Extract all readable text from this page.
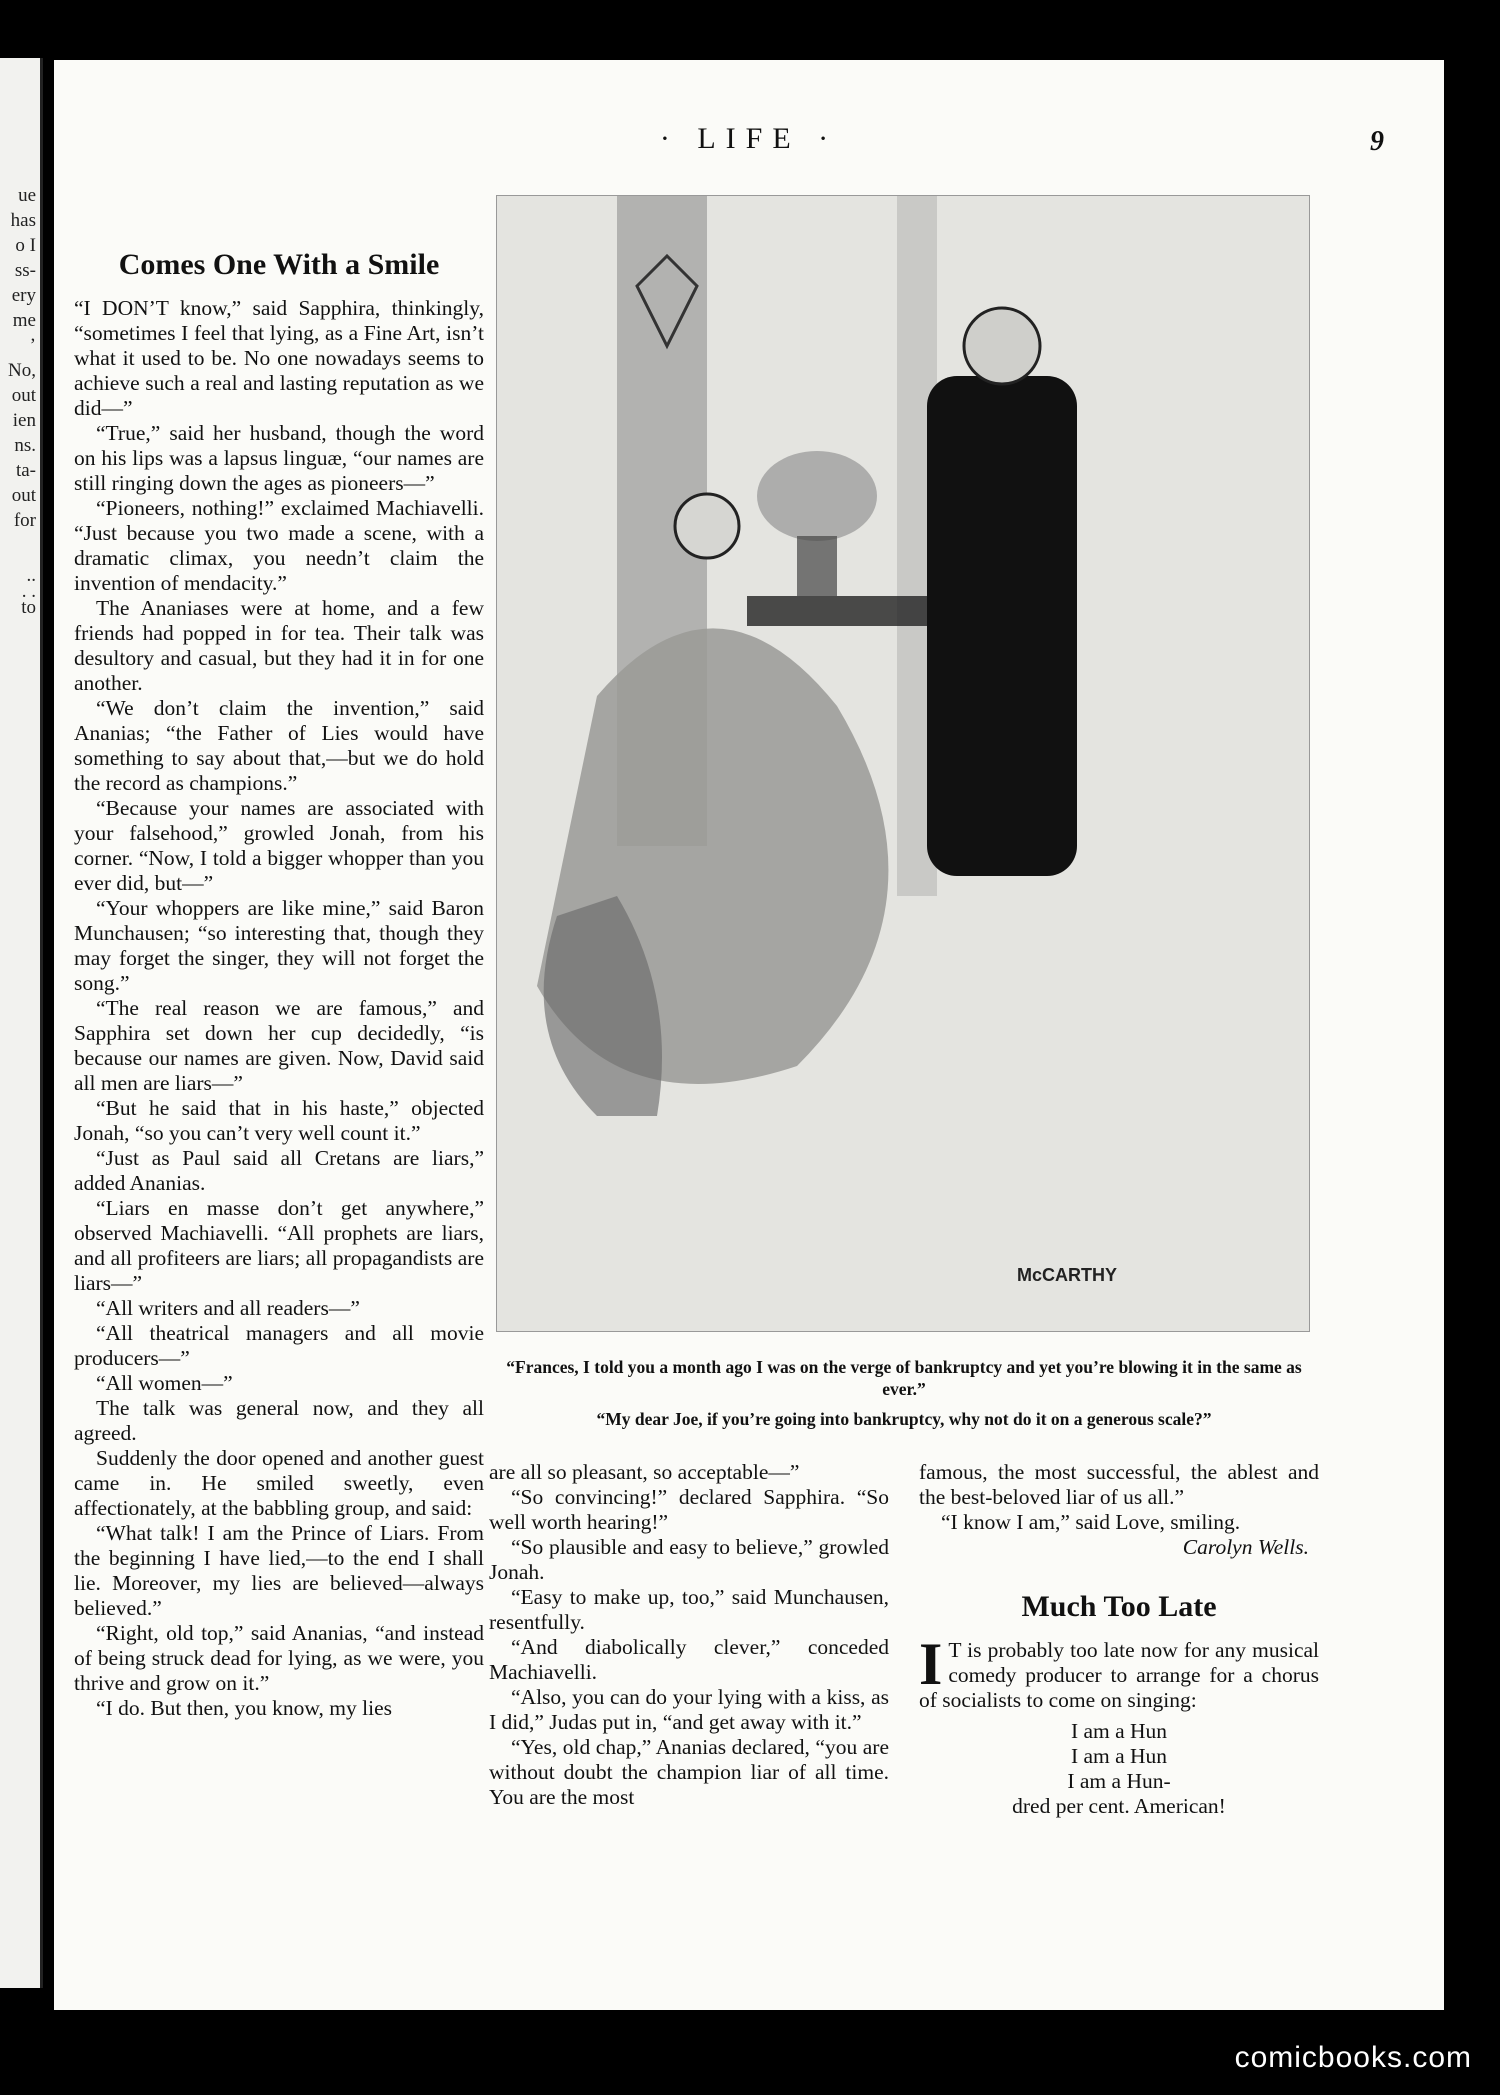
ue
has
o I
ss-
ery
me
’
No,
out
ien
ns.
ta-
out
for
..
. .
to
· LIFE ·	9
Comes One With a Smile

“I DON’T know,” said Sapphira, thinkingly, “sometimes I feel that lying, as a Fine Art, isn’t what it used to be. No one nowadays seems to achieve such a real and lasting reputation as we did—”

“True,” said her husband, though the word on his lips was a lapsus linguæ, “our names are still ringing down the ages as pioneers—”

“Pioneers, nothing!” exclaimed Machiavelli. “Just because you two made a scene, with a dramatic climax, you needn’t claim the invention of mendacity.”

The Ananiases were at home, and a few friends had popped in for tea. Their talk was desultory and casual, but they had it in for one another.

“We don’t claim the invention,” said Ananias; “the Father of Lies would have something to say about that,—but we do hold the record as champions.”

“Because your names are associated with your falsehood,” growled Jonah, from his corner. “Now, I told a bigger whopper than you ever did, but—”

“Your whoppers are like mine,” said Baron Munchausen; “so interesting that, though they may forget the singer, they will not forget the song.”

“The real reason we are famous,” and Sapphira set down her cup decidedly, “is because our names are given. Now, David said all men are liars—”

“But he said that in his haste,” objected Jonah, “so you can’t very well count it.”

“Just as Paul said all Cretans are liars,” added Ananias.

“Liars en masse don’t get anywhere,” observed Machiavelli. “All prophets are liars, and all profiteers are liars; all propagandists are liars—”

“All writers and all readers—”

“All theatrical managers and all movie producers—”

“All women—”

The talk was general now, and they all agreed.

Suddenly the door opened and another guest came in. He smiled sweetly, even affectionately, at the babbling group, and said:

“What talk! I am the Prince of Liars. From the beginning I have lied,—to the end I shall lie. Moreover, my lies are believed—always believed.”

“Right, old top,” said Ananias, “and instead of being struck dead for lying, as we were, you thrive and grow on it.”

“I do. But then, you know, my lies

McCARTHY

“Frances, I told you a month ago I was on the verge of bankruptcy and yet you’re blowing it in the same as ever.”

“My dear Joe, if you’re going into bankruptcy, why not do it on a generous scale?”

are all so pleasant, so acceptable—”

“So convincing!” declared Sapphira. “So well worth hearing!”

“So plausible and easy to believe,” growled Jonah.

“Easy to make up, too,” said Munchausen, resentfully.

“And diabolically clever,” conceded Machiavelli.

“Also, you can do your lying with a kiss, as I did,” Judas put in, “and get away with it.”

“Yes, old chap,” Ananias declared, “you are without doubt the champion liar of all time. You are the most

famous, the most successful, the ablest and the best-beloved liar of us all.”

“I know I am,” said Love, smiling.

Carolyn Wells.
Much Too Late

I T is probably too late now for any musical comedy producer to arrange for a chorus of socialists to come on singing:

I am a Hun
I am a Hun
I am a Hun-
dred per cent. American!
comicbooks.com
